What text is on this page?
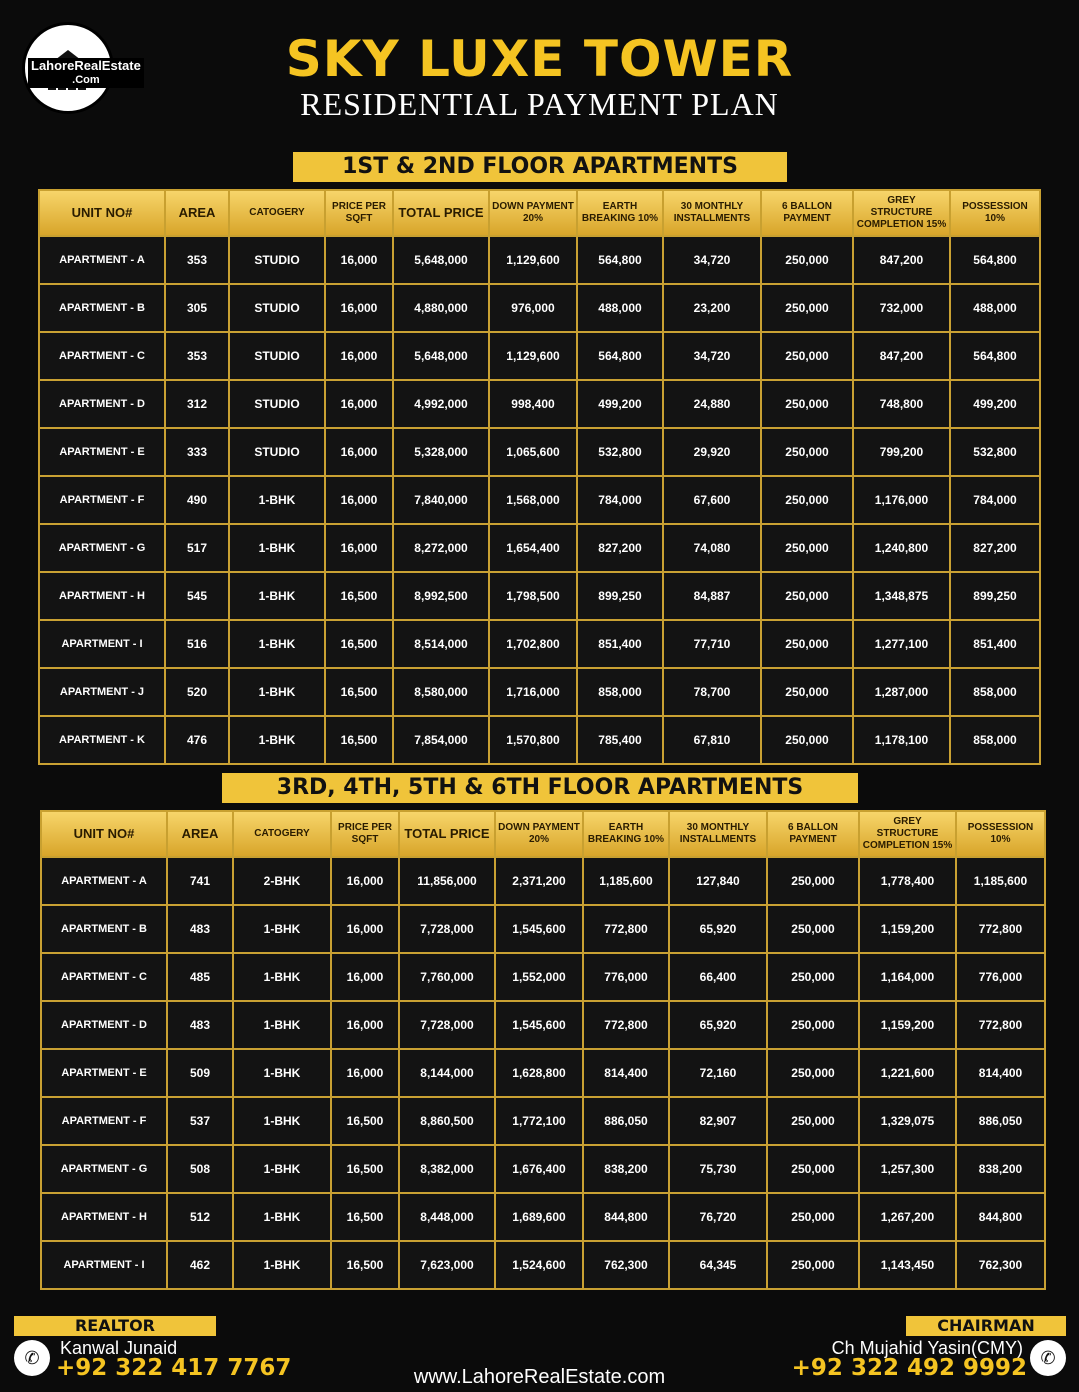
LahoreRealEstate
.Com	SKY LUXE TOWER
RESIDENTIAL PAYMENT PLAN
1ST & 2ND FLOOR APARTMENTS
UNIT NO#	AREA	CATOGERY	PRICE PER SQFT	TOTAL PRICE	DOWN PAYMENT 20%	EARTH BREAKING 10%	30 MONTHLY INSTALLMENTS	6 BALLON PAYMENT	GREY STRUCTURE COMPLETION 15%	POSSESSION 10%
APARTMENT - A	353	STUDIO	16,000	5,648,000	1,129,600	564,800	34,720	250,000	847,200	564,800
APARTMENT - B	305	STUDIO	16,000	4,880,000	976,000	488,000	23,200	250,000	732,000	488,000
APARTMENT - C	353	STUDIO	16,000	5,648,000	1,129,600	564,800	34,720	250,000	847,200	564,800
APARTMENT - D	312	STUDIO	16,000	4,992,000	998,400	499,200	24,880	250,000	748,800	499,200
APARTMENT - E	333	STUDIO	16,000	5,328,000	1,065,600	532,800	29,920	250,000	799,200	532,800
APARTMENT - F	490	1-BHK	16,000	7,840,000	1,568,000	784,000	67,600	250,000	1,176,000	784,000
APARTMENT - G	517	1-BHK	16,000	8,272,000	1,654,400	827,200	74,080	250,000	1,240,800	827,200
APARTMENT - H	545	1-BHK	16,500	8,992,500	1,798,500	899,250	84,887	250,000	1,348,875	899,250
APARTMENT - I	516	1-BHK	16,500	8,514,000	1,702,800	851,400	77,710	250,000	1,277,100	851,400
APARTMENT - J	520	1-BHK	16,500	8,580,000	1,716,000	858,000	78,700	250,000	1,287,000	858,000
APARTMENT - K	476	1-BHK	16,500	7,854,000	1,570,800	785,400	67,810	250,000	1,178,100	858,000
3RD, 4TH, 5TH & 6TH FLOOR APARTMENTS
UNIT NO#	AREA	CATOGERY	PRICE PER SQFT	TOTAL PRICE	DOWN PAYMENT 20%	EARTH BREAKING 10%	30 MONTHLY INSTALLMENTS	6 BALLON PAYMENT	GREY STRUCTURE COMPLETION 15%	POSSESSION 10%
APARTMENT - A	741	2-BHK	16,000	11,856,000	2,371,200	1,185,600	127,840	250,000	1,778,400	1,185,600
APARTMENT - B	483	1-BHK	16,000	7,728,000	1,545,600	772,800	65,920	250,000	1,159,200	772,800
APARTMENT - C	485	1-BHK	16,000	7,760,000	1,552,000	776,000	66,400	250,000	1,164,000	776,000
APARTMENT - D	483	1-BHK	16,000	7,728,000	1,545,600	772,800	65,920	250,000	1,159,200	772,800
APARTMENT - E	509	1-BHK	16,000	8,144,000	1,628,800	814,400	72,160	250,000	1,221,600	814,400
APARTMENT - F	537	1-BHK	16,500	8,860,500	1,772,100	886,050	82,907	250,000	1,329,075	886,050
APARTMENT - G	508	1-BHK	16,500	8,382,000	1,676,400	838,200	75,730	250,000	1,257,300	838,200
APARTMENT - H	512	1-BHK	16,500	8,448,000	1,689,600	844,800	76,720	250,000	1,267,200	844,800
APARTMENT - I	462	1-BHK	16,500	7,623,000	1,524,600	762,300	64,345	250,000	1,143,450	762,300
REALTOR
✆	Kanwal Junaid
+92 322 417 7767
CHAIRMAN
Ch Mujahid Yasin(CMY)
+92 322 492 9992 ✆
www.LahoreRealEstate.com
